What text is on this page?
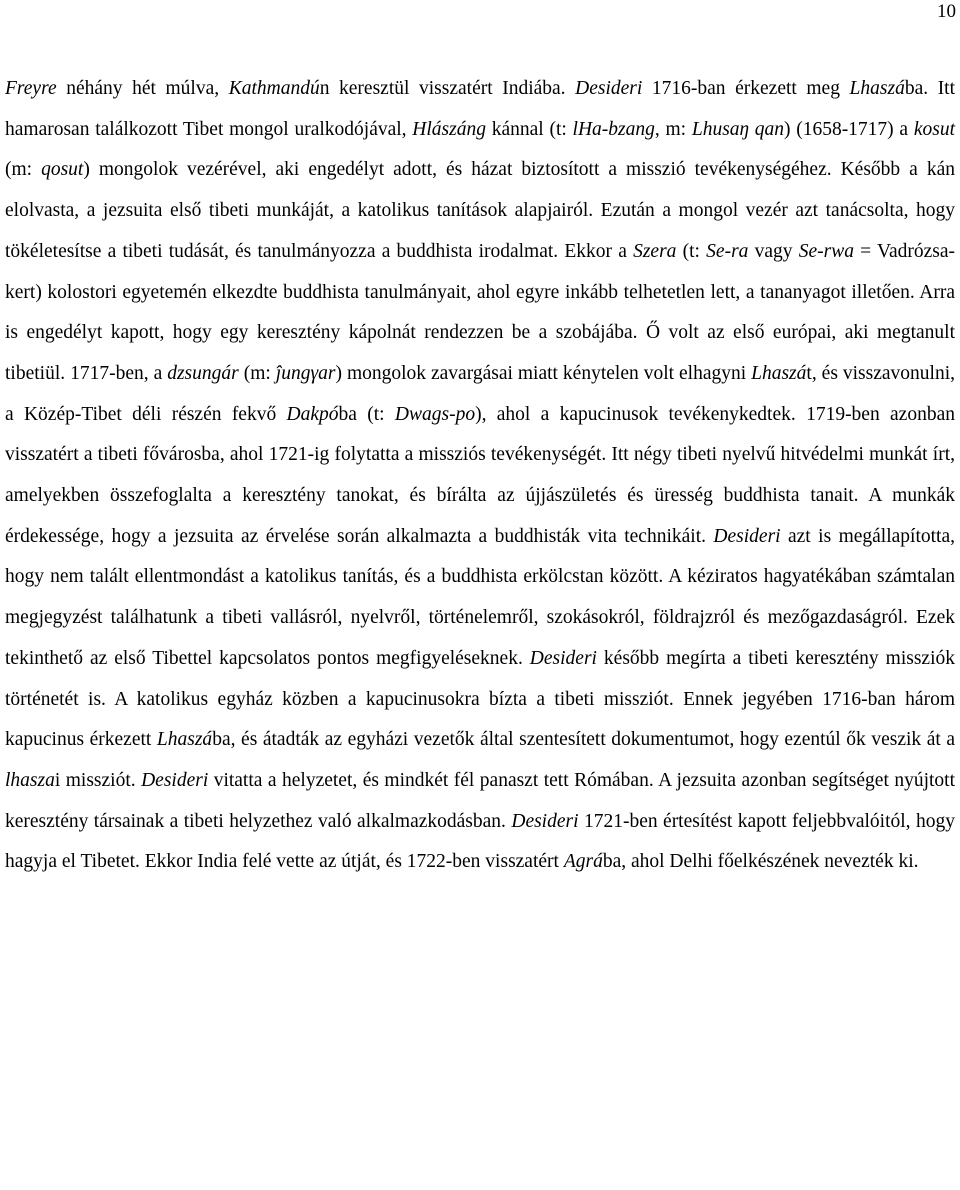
10

Freyre néhány hét múlva, Kathmandún keresztül visszatért Indiába. Desideri 1716-ban érkezett meg Lhaszába. Itt hamarosan találkozott Tibet mongol uralkodójával, Hlászáng kánnal (t: lHa-bzang, m: Lhusaŋ qan) (1658-1717) a kosut (m: qosut) mongolok vezérével, aki engedélyt adott, és házat biztosított a misszió tevékenységéhez. Később a kán elolvasta, a jezsuita első tibeti munkáját, a katolikus tanítások alapjairól. Ezután a mongol vezér azt tanácsolta, hogy tökéletesítse a tibeti tudását, és tanulmányozza a buddhista irodalmat. Ekkor a Szera (t: Se-ra vagy Se-rwa = Vadrózsa-kert) kolostori egyetemén elkezdte buddhista tanulmányait, ahol egyre inkább telhetetlen lett, a tananyagot illetően. Arra is engedélyt kapott, hogy egy keresztény kápolnát rendezzen be a szobájába. Ő volt az első európai, aki megtanult tibetiül. 1717-ben, a dzsungár (m: ĵungγar) mongolok zavargásai miatt kénytelen volt elhagyni Lhaszát, és visszavonulni, a Közép-Tibet déli részén fekvő Dakpóba (t: Dwags-po), ahol a kapucinusok tevékenykedtek. 1719-ben azonban visszatért a tibeti fővárosba, ahol 1721-ig folytatta a missziós tevékenységét. Itt négy tibeti nyelvű hitvédelmi munkát írt, amelyekben összefoglalta a keresztény tanokat, és bírálta az újjászületés és üresség buddhista tanait. A munkák érdekessége, hogy a jezsuita az érvelése során alkalmazta a buddhisták vita technikáit. Desideri azt is megállapította, hogy nem talált ellentmondást a katolikus tanítás, és a buddhista erkölcstan között. A kéziratos hagyatékában számtalan megjegyzést találhatunk a tibeti vallásról, nyelvről, történelemről, szokásokról, földrajzról és mezőgazdaságról. Ezek tekinthető az első Tibettel kapcsolatos pontos megfigyeléseknek. Desideri később megírta a tibeti keresztény missziók történetét is. A katolikus egyház közben a kapucinusokra bízta a tibeti missziót. Ennek jegyében 1716-ban három kapucinus érkezett Lhaszába, és átadták az egyházi vezetők által szentesített dokumentumot, hogy ezentúl ők veszik át a lhaszai missziót. Desideri vitatta a helyzetet, és mindkét fél panaszt tett Rómában. A jezsuita azonban segítséget nyújtott keresztény társainak a tibeti helyzethez való alkalmazkodásban. Desideri 1721-ben értesítést kapott feljebbvalóitól, hogy hagyja el Tibetet. Ekkor India felé vette az útját, és 1722-ben visszatért Agrába, ahol Delhi főelkészének nevezték ki.
